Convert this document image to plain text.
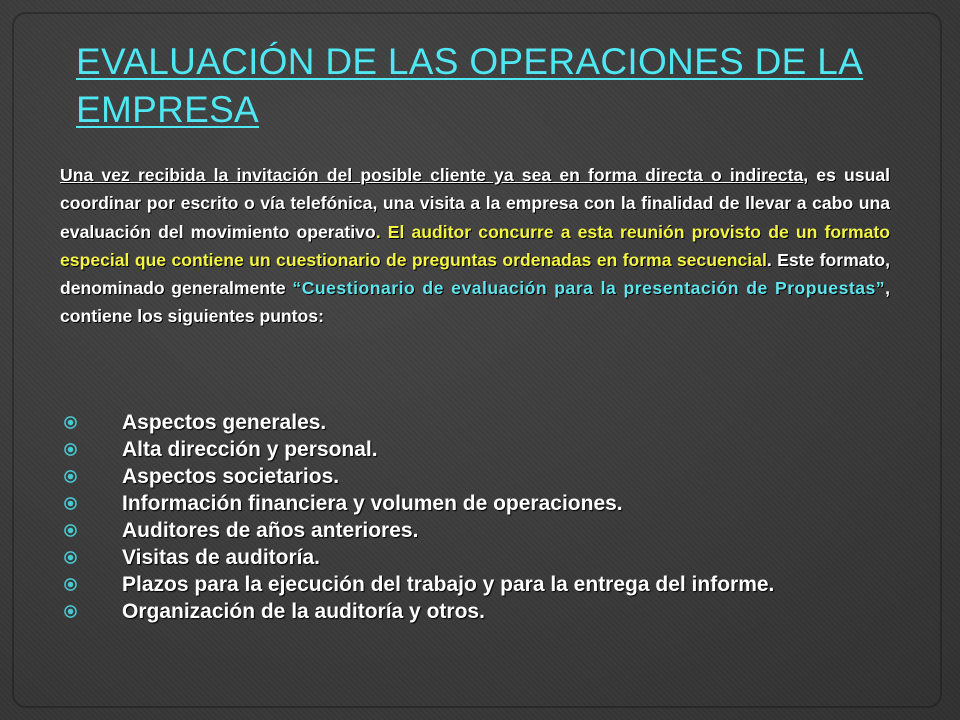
EVALUACIÓN DE LAS OPERACIONES DE LA EMPRESA

Una vez recibida la invitación del posible cliente ya sea en forma directa o indirecta, es usual coordinar por escrito o vía telefónica, una visita a la empresa con la finalidad de llevar a cabo una evaluación del movimiento operativo. El auditor concurre a esta reunión provisto de un formato especial que contiene un cuestionario de preguntas ordenadas en forma secuencial. Este formato, denominado generalmente “Cuestionario de evaluación para la presentación de Propuestas”, contiene los siguientes puntos:

Aspectos generales.
Alta dirección y personal.
Aspectos societarios.
Información financiera y volumen de operaciones.
Auditores de años anteriores.
Visitas de auditoría.
Plazos para la ejecución del trabajo y para la entrega del informe.
Organización de la auditoría y otros.
